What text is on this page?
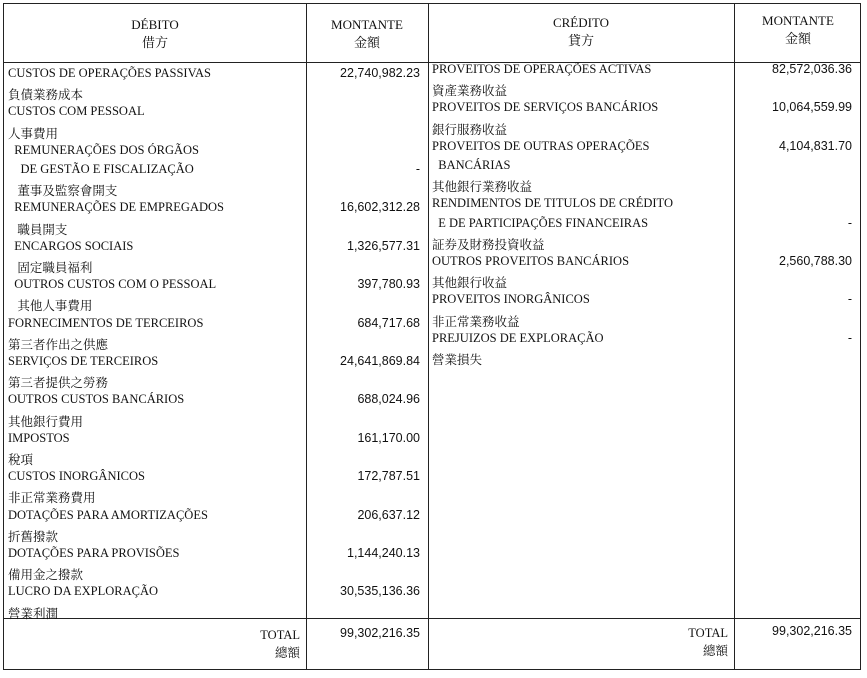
DÉBITO
借方
MONTANTE
金額
CRÉDITO
貸方
MONTANTE
金額
CUSTOS DE OPERAÇÕES PASSIVAS
負債業務成本
CUSTOS COM PESSOAL
人事費用
REMUNERAÇÕES DOS ÓRGÃOS
DE GESTÃO E FISCALIZAÇÃO
董事及監察會開支
REMUNERAÇÕES DE EMPREGADOS
職員開支
ENCARGOS SOCIAIS
固定職員福利
OUTROS CUSTOS COM O PESSOAL
其他人事費用
FORNECIMENTOS DE TERCEIROS
第三者作出之供應
SERVIÇOS DE TERCEIROS
第三者提供之勞務
OUTROS CUSTOS BANCÁRIOS
其他銀行費用
IMPOSTOS
稅項
CUSTOS INORGÂNICOS
非正常業務費用
DOTAÇÕES PARA AMORTIZAÇÕES
折舊撥款
DOTAÇÕES PARA PROVISÕES
備用金之撥款
LUCRO DA EXPLORAÇÃO
營業利潤
22,740,982.23
-
16,602,312.28
1,326,577.31
397,780.93
684,717.68
24,641,869.84
688,024.96
161,170.00
172,787.51
206,637.12
1,144,240.13
30,535,136.36
PROVEITOS DE OPERAÇÕES ACTIVAS
資產業務收益
PROVEITOS DE SERVIÇOS BANCÁRIOS
銀行服務收益
PROVEITOS DE OUTRAS OPERAÇÕES
BANCÁRIAS
其他銀行業務收益
RENDIMENTOS DE TITULOS DE CRÉDITO
E DE PARTICIPAÇÕES FINANCEIRAS
証券及財務投資收益
OUTROS PROVEITOS BANCÁRIOS
其他銀行收益
PROVEITOS INORGÂNICOS
非正常業務收益
PREJUIZOS DE EXPLORAÇÃO
營業損失
82,572,036.36
10,064,559.99
4,104,831.70
-
2,560,788.30
-
-
TOTAL
總額
99,302,216.35	TOTAL
總額
99,302,216.35
